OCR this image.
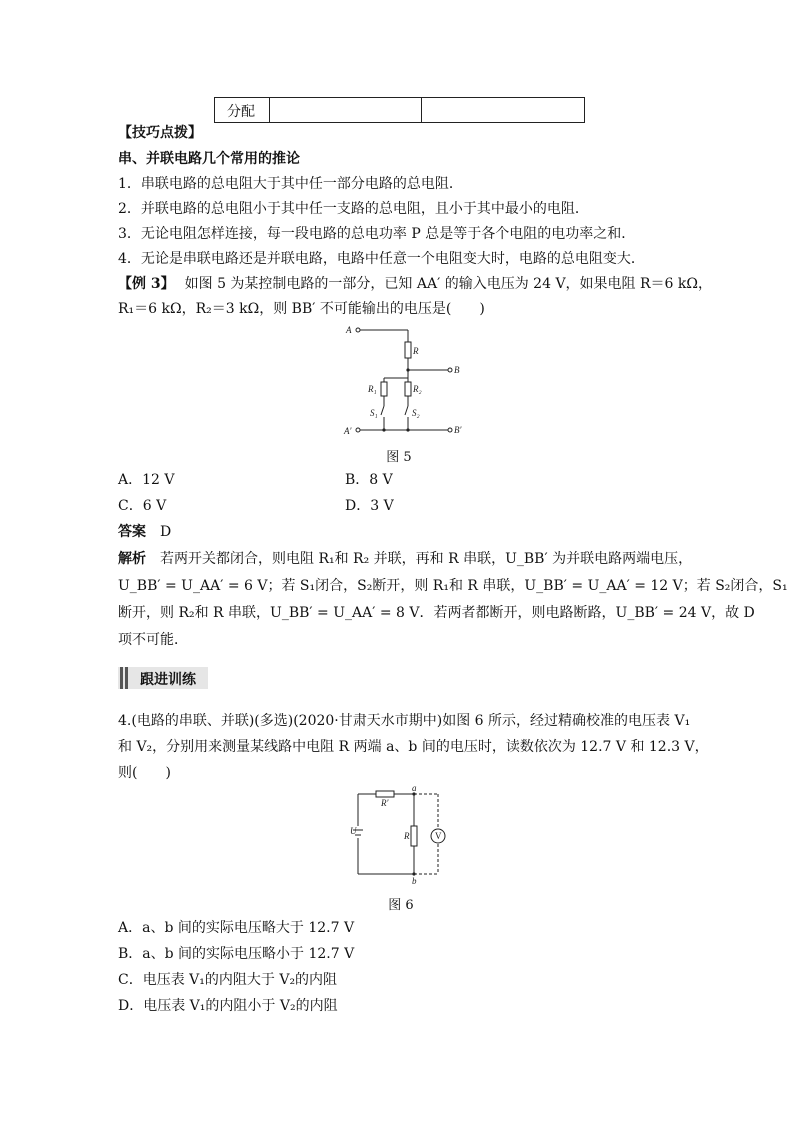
分配
【技巧点拨】
串、并联电路几个常用的推论
1．串联电路的总电阻大于其中任一部分电路的总电阻．
2．并联电路的总电阻小于其中任一支路的总电阻，且小于其中最小的电阻．
3．无论电阻怎样连接，每一段电路的总电功率 P 总是等于各个电阻的电功率之和．
4．无论是串联电路还是并联电路，电路中任意一个电阻变大时，电路的总电阻变大．
【例 3】 如图 5 为某控制电路的一部分，已知 AA′ 的输入电压为 24 V，如果电阻 R＝6 kΩ，
R₁＝6 kΩ，R₂＝3 kΩ，则 BB′ 不可能输出的电压是(　　)
A
R
B
R₁	R₂
S₁	S₂
A′	B′
图 5
A．12 V	B．8 V
C．6 V	D．3 V
答案 D
解析 若两开关都闭合，则电阻 R₁和 R₂ 并联，再和 R 串联，U_BB′ 为并联电路两端电压，
U_BB′ = U_AA′ = 6 V；若 S₁闭合，S₂断开，则 R₁和 R 串联，U_BB′ = U_AA′ = 12 V；若 S₂闭合，S₁
断开，则 R₂和 R 串联，U_BB′ = U_AA′ = 8 V．若两者都断开，则电路断路，U_BB′ = 24 V，故 D
项不可能．
跟进训练
4.(电路的串联、并联)(多选)(2020·甘肃天水市期中)如图 6 所示，经过精确校准的电压表 V₁
和 V₂，分别用来测量某线路中电阻 R 两端 a、b 间的电压时，读数依次为 12.7 V 和 12.3 V，
则(　　)
a
R′
R
U	V
b
图 6
A．a、b 间的实际电压略大于 12.7 V
B．a、b 间的实际电压略小于 12.7 V
C．电压表 V₁的内阻大于 V₂的内阻
D．电压表 V₁的内阻小于 V₂的内阻
